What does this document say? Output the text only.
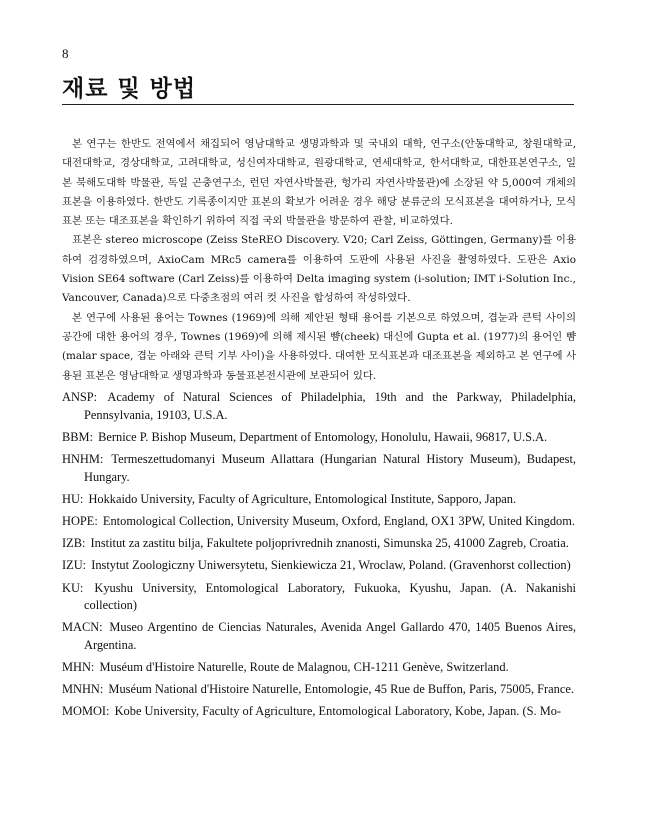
8
재료 및 방법

본 연구는 한반도 전역에서 채집되어 영남대학교 생명과학과 및 국내외 대학, 연구소(안동대학교, 창원대학교, 대전대학교, 경상대학교, 고려대학교, 성신여자대학교, 원광대학교, 연세대학교, 한서대학교, 대한표본연구소, 일본 북해도대학 박물관, 독일 곤충연구소, 런던 자연사박물관, 헝가리 자연사박물관)에 소장된 약 5,000여 개체의 표본을 이용하였다. 한반도 기록종이지만 표본의 확보가 어려운 경우 해당 분류군의 모식표본을 대여하거나, 모식표본 또는 대조표본을 확인하기 위하여 직접 국외 박물관을 방문하여 관찰, 비교하였다.

표본은 stereo microscope (Zeiss SteREO Discovery. V20; Carl Zeiss, Göttingen, Germany)를 이용하여 검경하였으며, AxioCam MRc5 camera를 이용하여 도판에 사용된 사진을 촬영하였다. 도판은 Axio Vision SE64 software (Carl Zeiss)를 이용하여 Delta imaging system (i-solution; IMT i-Solution Inc., Vancouver, Canada)으로 다중초점의 여러 컷 사진을 합성하여 작성하였다.

본 연구에 사용된 용어는 Townes (1969)에 의해 제안된 형태 용어를 기본으로 하였으며, 겹눈과 큰턱 사이의 공간에 대한 용어의 경우, Townes (1969)에 의해 제시된 뺨(cheek) 대신에 Gupta et al. (1977)의 용어인 뺨(malar space, 겹눈 아래와 큰턱 기부 사이)을 사용하였다. 대여한 모식표본과 대조표본을 제외하고 본 연구에 사용된 표본은 영남대학교 생명과학과 동물표본전시관에 보관되어 있다.

ANSP: Academy of Natural Sciences of Philadelphia, 19th and the Parkway, Philadelphia, Pennsylvania, 19103, U.S.A.
BBM: Bernice P. Bishop Museum, Department of Entomology, Honolulu, Hawaii, 96817, U.S.A.
HNHM: Termeszettudomanyi Museum Allattara (Hungarian Natural History Museum), Budapest, Hungary.
HU: Hokkaido University, Faculty of Agriculture, Entomological Institute, Sapporo, Japan.
HOPE: Entomological Collection, University Museum, Oxford, England, OX1 3PW, United Kingdom.
IZB: Institut za zastitu bilja, Fakultete poljoprivrednih znanosti, Simunska 25, 41000 Zagreb, Croatia.
IZU: Instytut Zoologiczny Uniwersytetu, Sienkiewicza 21, Wroclaw, Poland. (Gravenhorst collection)
KU: Kyushu University, Entomological Laboratory, Fukuoka, Kyushu, Japan. (A. Nakanishi collection)
MACN: Museo Argentino de Ciencias Naturales, Avenida Angel Gallardo 470, 1405 Buenos Aires, Argentina.
MHN: Muséum d'Histoire Naturelle, Route de Malagnou, CH-1211 Genève, Switzerland.
MNHN: Muséum National d'Histoire Naturelle, Entomologie, 45 Rue de Buffon, Paris, 75005, France.
MOMOI: Kobe University, Faculty of Agriculture, Entomological Laboratory, Kobe, Japan. (S. Mo-
